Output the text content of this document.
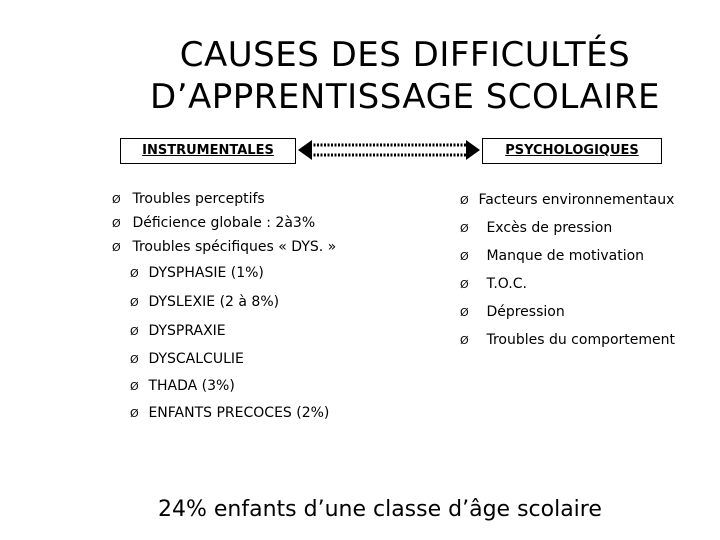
CAUSES DES DIFFICULTÉS
D’APPRENTISSAGE SCOLAIRE
INSTRUMENTALES	PSYCHOLOGIQUES
Ø Troubles perceptifs
Ø Déficience globale : 2à3%
Ø Troubles spécifiques « DYS. »
Ø DYSPHASIE (1%)
Ø DYSLEXIE (2 à 8%)
Ø DYSPRAXIE
Ø DYSCALCULIE
Ø THADA (3%)
Ø ENFANTS PRECOCES (2%)
Ø Facteurs environnementaux
Ø Excès de pression
Ø Manque de motivation
Ø T.O.C.
Ø Dépression
Ø Troubles du comportement
24% enfants d’une classe d’âge scolaire
